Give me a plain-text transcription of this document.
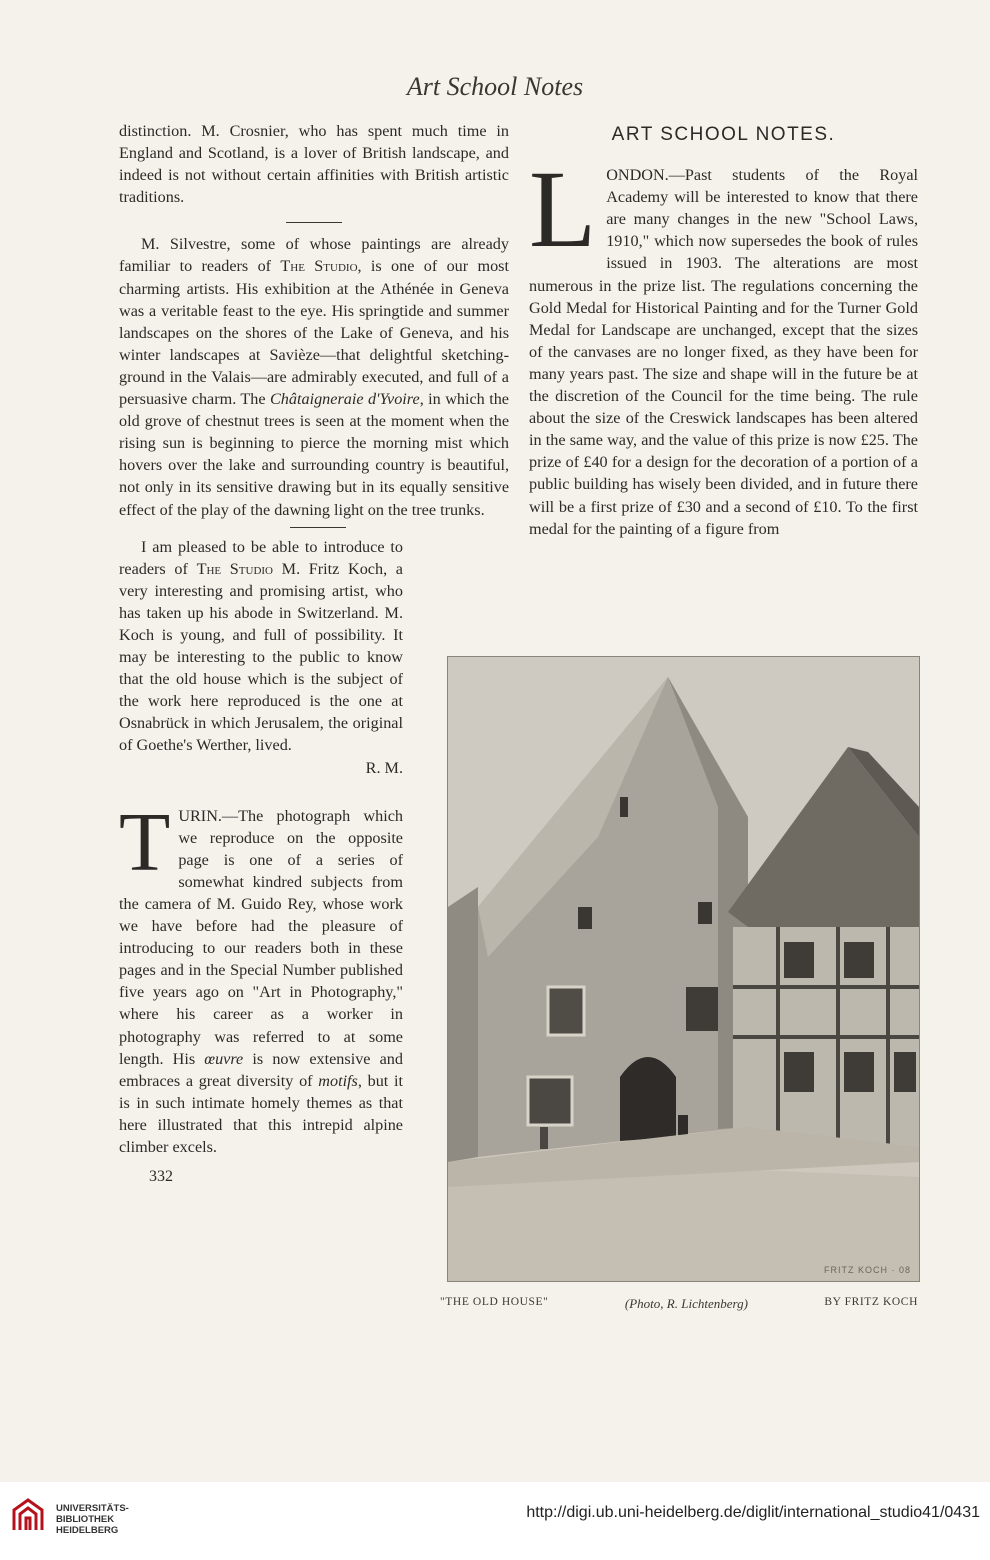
Art School Notes

distinction. M. Crosnier, who has spent much time in England and Scotland, is a lover of British landscape, and indeed is not without certain affinities with British artistic traditions.

M. Silvestre, some of whose paintings are already familiar to readers of The Studio, is one of our most charming artists. His exhibition at the Athénée in Geneva was a veritable feast to the eye. His springtide and summer landscapes on the shores of the Lake of Geneva, and his winter landscapes at Savièze—that delightful sketching-ground in the Valais—are admirably executed, and full of a persuasive charm. The Châtaigneraie d'Yvoire, in which the old grove of chestnut trees is seen at the moment when the rising sun is beginning to pierce the morning mist which hovers over the lake and surrounding country is beautiful, not only in its sensitive drawing but in its equally sensitive effect of the play of the dawning light on the tree trunks.

I am pleased to be able to introduce to readers of The Studio M. Fritz Koch, a very interesting and promising artist, who has taken up his abode in Switzerland. M. Koch is young, and full of possibility. It may be interesting to the public to know that the old house which is the subject of the work here reproduced is the one at Osnabrück in which Jerusalem, the original of Goethe's Werther, lived.

R. M.

TURIN.—The photograph which we reproduce on the opposite page is one of a series of somewhat kindred subjects from the camera of M. Guido Rey, whose work we have before had the pleasure of introducing to our readers both in these pages and in the Special Number published five years ago on "Art in Photography," where his career as a worker in photography was referred to at some length. His œuvre is now extensive and embraces a great diversity of motifs, but it is in such intimate homely themes as that here illustrated that this intrepid alpine climber excels.

332
ART SCHOOL NOTES.

LONDON.—Past students of the Royal Academy will be interested to know that there are many changes in the new "School Laws, 1910," which now supersedes the book of rules issued in 1903. The alterations are most numerous in the prize list. The regulations concerning the Gold Medal for Historical Painting and for the Turner Gold Medal for Landscape are unchanged, except that the sizes of the canvases are no longer fixed, as they have been for many years past. The size and shape will in the future be at the discretion of the Council for the time being. The rule about the size of the Creswick landscapes has been altered in the same way, and the value of this prize is now £25. The prize of £40 for a design for the decoration of a portion of a public building has wisely been divided, and in future there will be a first prize of £30 and a second of £10. To the first medal for the painting of a figure from

FRITZ KOCH · 08
"THE OLD HOUSE"	(Photo, R. Lichtenberg)	BY FRITZ KOCH
UNIVERSITÄTS-
BIBLIOTHEK
HEIDELBERG
http://digi.ub.uni-heidelberg.de/diglit/international_studio41/0431
